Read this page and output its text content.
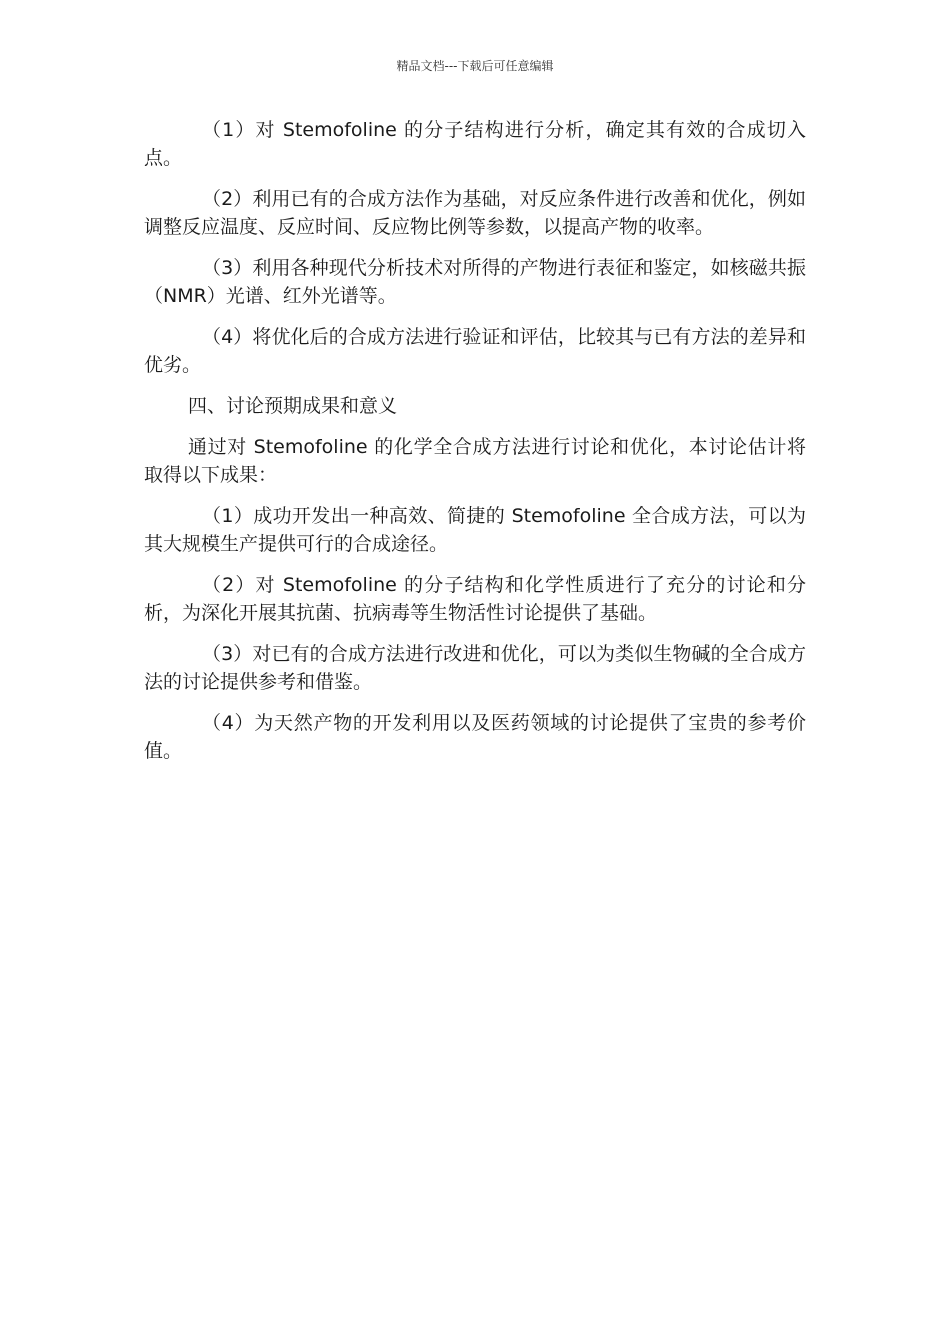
精品文档---下载后可任意编辑

（1）对 Stemofoline 的分子结构进行分析，确定其有效的合成切入点。

（2）利用已有的合成方法作为基础，对反应条件进行改善和优化，例如调整反应温度、反应时间、反应物比例等参数，以提高产物的收率。

（3）利用各种现代分析技术对所得的产物进行表征和鉴定，如核磁共振（NMR）光谱、红外光谱等。

（4）将优化后的合成方法进行验证和评估，比较其与已有方法的差异和优劣。

四、讨论预期成果和意义

通过对 Stemofoline 的化学全合成方法进行讨论和优化，本讨论估计将取得以下成果：

（1）成功开发出一种高效、简捷的 Stemofoline 全合成方法，可以为其大规模生产提供可行的合成途径。

（2）对 Stemofoline 的分子结构和化学性质进行了充分的讨论和分析，为深化开展其抗菌、抗病毒等生物活性讨论提供了基础。

（3）对已有的合成方法进行改进和优化，可以为类似生物碱的全合成方法的讨论提供参考和借鉴。

（4）为天然产物的开发利用以及医药领域的讨论提供了宝贵的参考价值。
